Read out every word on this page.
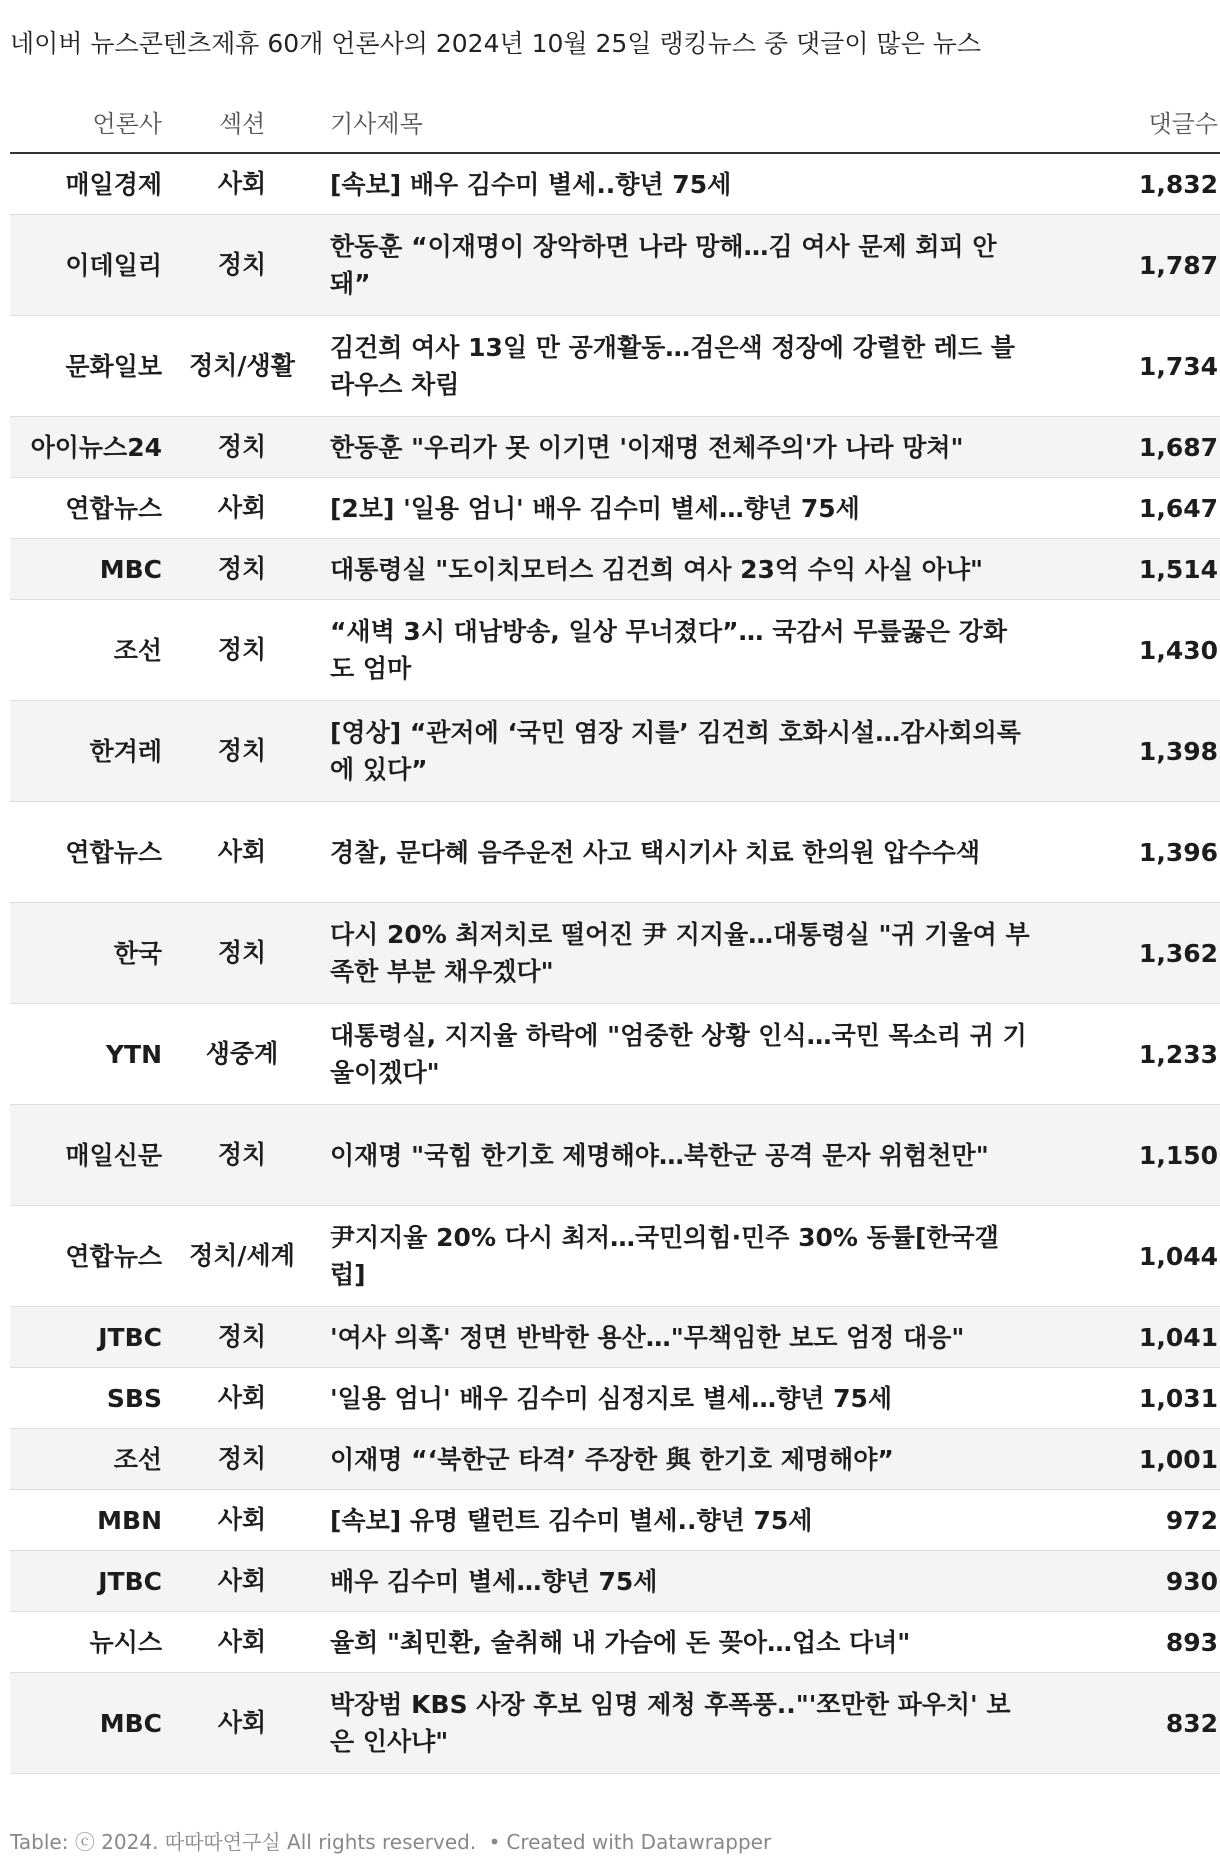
네이버 뉴스콘텐츠제휴 60개 언론사의 2024년 10월 25일 랭킹뉴스 중 댓글이 많은 뉴스
언론사	섹션	기사제목	댓글수
매일경제	사회	[속보] 배우 김수미 별세..향년 75세	1,832
이데일리	정치	한동훈 “이재명이 장악하면 나라 망해…김 여사 문제 회피 안돼”	1,787
문화일보	정치/생활	김건희 여사 13일 만 공개활동…검은색 정장에 강렬한 레드 블라우스 차림	1,734
아이뉴스24	정치	한동훈 "우리가 못 이기면 '이재명 전체주의'가 나라 망쳐"	1,687
연합뉴스	사회	[2보] '일용 엄니' 배우 김수미 별세…향년 75세	1,647
MBC	정치	대통령실 "도이치모터스 김건희 여사 23억 수익 사실 아냐"	1,514
조선	정치	“새벽 3시 대남방송, 일상 무너졌다”… 국감서 무릎꿇은 강화도 엄마	1,430
한겨레	정치	[영상] “관저에 ‘국민 염장 지를’ 김건희 호화시설…감사회의록에 있다”	1,398
연합뉴스	사회	경찰, 문다혜 음주운전 사고 택시기사 치료 한의원 압수수색	1,396
한국	정치	다시 20% 최저치로 떨어진 尹 지지율…대통령실 "귀 기울여 부족한 부분 채우겠다"	1,362
YTN	생중계	대통령실, 지지율 하락에 "엄중한 상황 인식…국민 목소리 귀 기울이겠다"	1,233
매일신문	정치	이재명 "국힘 한기호 제명해야…북한군 공격 문자 위험천만"	1,150
연합뉴스	정치/세계	尹지지율 20% 다시 최저…국민의힘·민주 30% 동률[한국갤럽]	1,044
JTBC	정치	'여사 의혹' 정면 반박한 용산…"무책임한 보도 엄정 대응"	1,041
SBS	사회	'일용 엄니' 배우 김수미 심정지로 별세…향년 75세	1,031
조선	정치	이재명 “‘북한군 타격’ 주장한 與 한기호 제명해야”	1,001
MBN	사회	[속보] 유명 탤런트 김수미 별세..향년 75세	972
JTBC	사회	배우 김수미 별세…향년 75세	930
뉴시스	사회	율희 "최민환, 술취해 내 가슴에 돈 꽂아…업소 다녀"	893
MBC	사회	박장범 KBS 사장 후보 임명 제청 후폭풍.."'쪼만한 파우치' 보은 인사냐"	832
Table: ⓒ 2024. 따따따연구실 All rights reserved. • Created with Datawrapper
